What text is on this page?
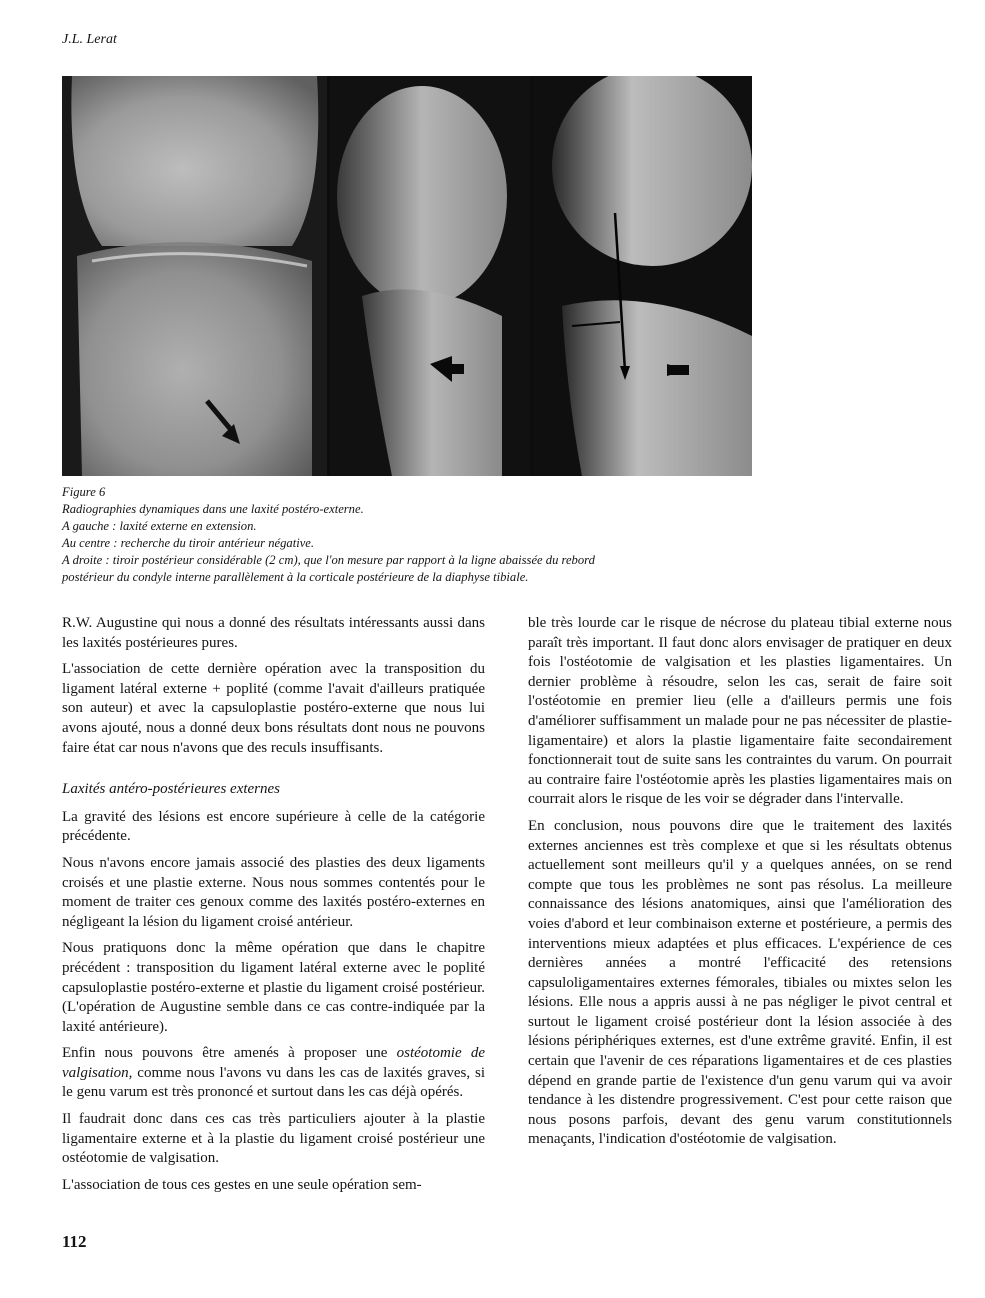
J.L. Lerat
Figure 6
Radiographies dynamiques dans une laxité postéro-externe.
A gauche : laxité externe en extension.
Au centre : recherche du tiroir antérieur négative.
A droite : tiroir postérieur considérable (2 cm), que l'on mesure par rapport à la ligne abaissée du rebord
postérieur du condyle interne parallèlement à la corticale postérieure de la diaphyse tibiale.

R.W. Augustine qui nous a donné des résultats intéressants aussi dans les laxités postérieures pures.

L'association de cette dernière opération avec la transposition du ligament latéral externe + poplité (comme l'avait d'ailleurs pratiquée son auteur) et avec la capsuloplastie postéro-externe que nous lui avons ajouté, nous a donné deux bons résultats dont nous ne pouvons faire état car nous n'avons que des reculs insuffisants.

Laxités antéro-postérieures externes

La gravité des lésions est encore supérieure à celle de la catégorie précédente.

Nous n'avons encore jamais associé des plasties des deux ligaments croisés et une plastie externe. Nous nous sommes contentés pour le moment de traiter ces genoux comme des laxités postéro-externes en négligeant la lésion du ligament croisé antérieur.

Nous pratiquons donc la même opération que dans le chapitre précédent : transposition du ligament latéral externe avec le poplité capsuloplastie postéro-externe et plastie du ligament croisé postérieur. (L'opération de Augustine semble dans ce cas contre-indiquée par la laxité antérieure).

Enfin nous pouvons être amenés à proposer une ostéotomie de valgisation, comme nous l'avons vu dans les cas de laxités graves, si le genu varum est très prononcé et surtout dans les cas déjà opérés.

Il faudrait donc dans ces cas très particuliers ajouter à la plastie ligamentaire externe et à la plastie du ligament croisé postérieur une ostéotomie de valgisation.

L'association de tous ces gestes en une seule opération sem-

ble très lourde car le risque de nécrose du plateau tibial externe nous paraît très important. Il faut donc alors envisager de pratiquer en deux fois l'ostéotomie de valgisation et les plasties ligamentaires. Un dernier problème à résoudre, selon les cas, serait de faire soit l'ostéotomie en premier lieu (elle a d'ailleurs permis une fois d'améliorer suffisamment un malade pour ne pas nécessiter de plastie-ligamentaire) et alors la plastie ligamentaire faite secondairement fonctionnerait tout de suite sans les contraintes du varum. On pourrait au contraire faire l'ostéotomie après les plasties ligamentaires mais on courrait alors le risque de les voir se dégrader dans l'intervalle.

En conclusion, nous pouvons dire que le traitement des laxités externes anciennes est très complexe et que si les résultats obtenus actuellement sont meilleurs qu'il y a quelques années, on se rend compte que tous les problèmes ne sont pas résolus. La meilleure connaissance des lésions anatomiques, ainsi que l'amélioration des voies d'abord et leur combinaison externe et postérieure, a permis des interventions mieux adaptées et plus efficaces. L'expérience de ces dernières années a montré l'efficacité des retensions capsuloligamentaires externes fémorales, tibiales ou mixtes selon les lésions. Elle nous a appris aussi à ne pas négliger le pivot central et surtout le ligament croisé postérieur dont la lésion associée à des lésions périphériques externes, est d'une extrême gravité. Enfin, il est certain que l'avenir de ces réparations ligamentaires et de ces plasties dépend en grande partie de l'existence d'un genu varum qui va avoir tendance à les distendre progressivement. C'est pour cette raison que nous posons parfois, devant des genu varum constitutionnels menaçants, l'indication d'ostéotomie de valgisation.

112
